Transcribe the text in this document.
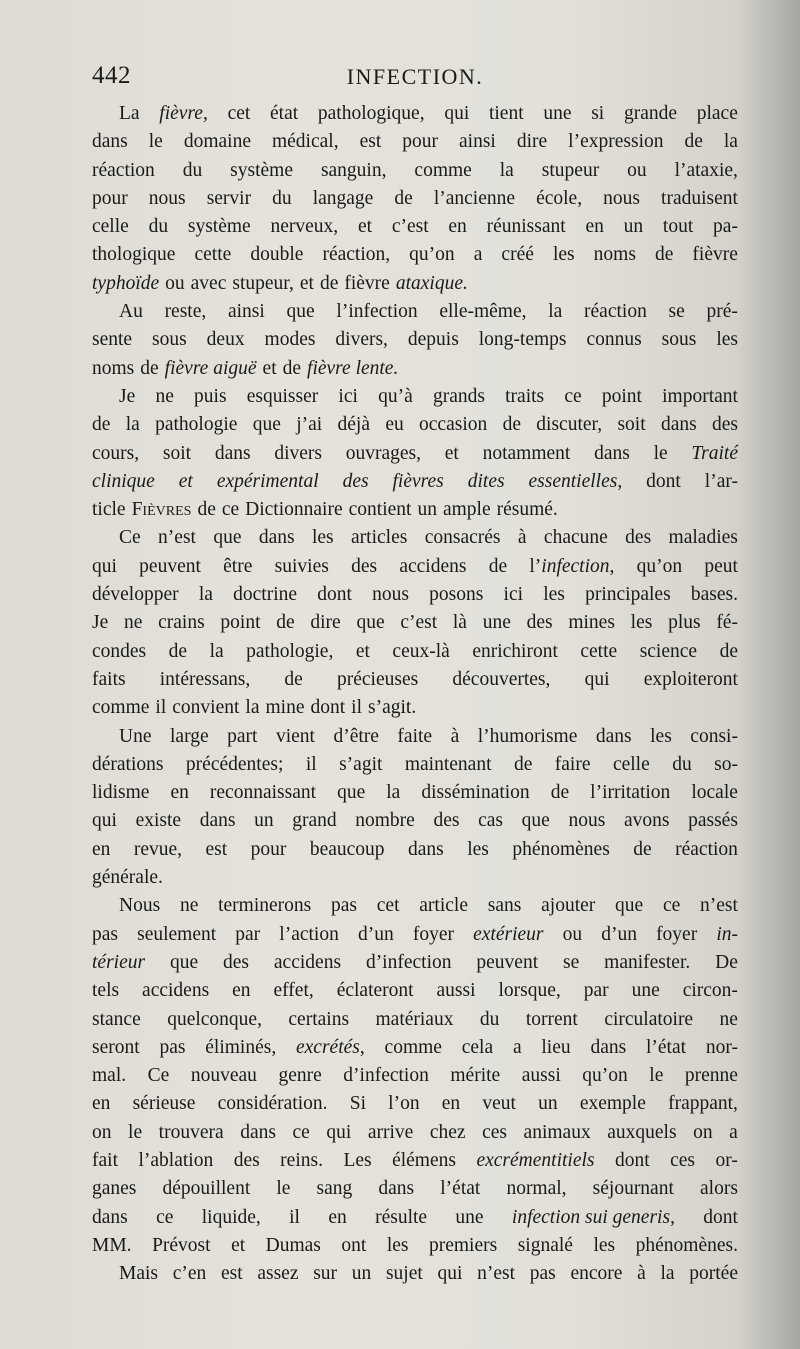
442	INFECTION.
La fièvre, cet état pathologique, qui tient une si grande place
dans le domaine médical, est pour ainsi dire l’expression de la
réaction du système sanguin, comme la stupeur ou l’ataxie,
pour nous servir du langage de l’ancienne école, nous traduisent
celle du système nerveux, et c’est en réunissant en un tout pa-
thologique cette double réaction, qu’on a créé les noms de fièvre
typhoïde ou avec stupeur, et de fièvre ataxique.
Au reste, ainsi que l’infection elle-même, la réaction se pré-
sente sous deux modes divers, depuis long-temps connus sous les
noms de fièvre aiguë et de fièvre lente.
Je ne puis esquisser ici qu’à grands traits ce point important
de la pathologie que j’ai déjà eu occasion de discuter, soit dans des
cours, soit dans divers ouvrages, et notamment dans le Traité
clinique et expérimental des fièvres dites essentielles, dont l’ar-
ticle Fièvres de ce Dictionnaire contient un ample résumé.
Ce n’est que dans les articles consacrés à chacune des maladies
qui peuvent être suivies des accidens de l’infection, qu’on peut
développer la doctrine dont nous posons ici les principales bases.
Je ne crains point de dire que c’est là une des mines les plus fé-
condes de la pathologie, et ceux-là enrichiront cette science de
faits intéressans, de précieuses découvertes, qui exploiteront
comme il convient la mine dont il s’agit.
Une large part vient d’être faite à l’humorisme dans les consi-
dérations précédentes; il s’agit maintenant de faire celle du so-
lidisme en reconnaissant que la dissémination de l’irritation locale
qui existe dans un grand nombre des cas que nous avons passés
en revue, est pour beaucoup dans les phénomènes de réaction
générale.
Nous ne terminerons pas cet article sans ajouter que ce n’est
pas seulement par l’action d’un foyer extérieur ou d’un foyer in-
térieur que des accidens d’infection peuvent se manifester. De
tels accidens en effet, éclateront aussi lorsque, par une circon-
stance quelconque, certains matériaux du torrent circulatoire ne
seront pas éliminés, excrétés, comme cela a lieu dans l’état nor-
mal. Ce nouveau genre d’infection mérite aussi qu’on le prenne
en sérieuse considération. Si l’on en veut un exemple frappant,
on le trouvera dans ce qui arrive chez ces animaux auxquels on a
fait l’ablation des reins. Les élémens excrémentitiels dont ces or-
ganes dépouillent le sang dans l’état normal, séjournant alors
dans ce liquide, il en résulte une infection sui generis, dont
MM. Prévost et Dumas ont les premiers signalé les phénomènes.
Mais c’en est assez sur un sujet qui n’est pas encore à la portée
